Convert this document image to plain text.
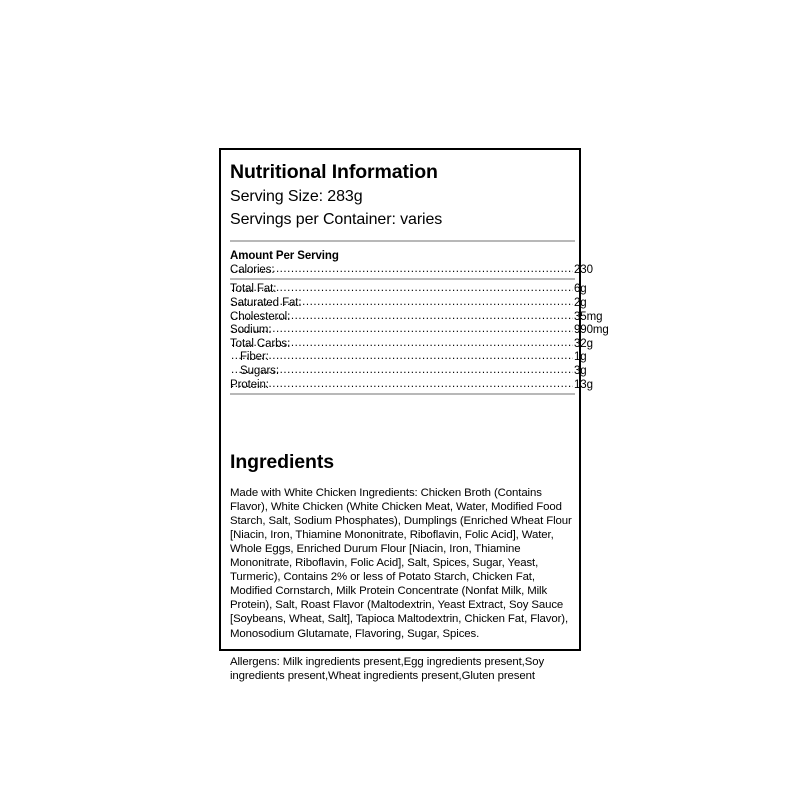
Nutritional Information
Serving Size: 283g
Servings per Container: varies
Amount Per Serving
Calories:	.....	230
Total Fat:	.....	6g
Saturated Fat:	.....	2g
Cholesterol:	.....	35mg
Sodium:	.....	990mg
Total Carbs:	.....	32g
Fiber:	.....	1g
Sugars:	.....	3g
Protein:	.....	13g
Ingredients

Made with White Chicken Ingredients: Chicken Broth (Contains Flavor), White Chicken (White Chicken Meat, Water, Modified Food Starch, Salt, Sodium Phosphates), Dumplings (Enriched Wheat Flour [Niacin, Iron, Thiamine Mononitrate, Riboflavin, Folic Acid], Water, Whole Eggs, Enriched Durum Flour [Niacin, Iron, Thiamine Mononitrate, Riboflavin, Folic Acid], Salt, Spices, Sugar, Yeast, Turmeric), Contains 2% or less of Potato Starch, Chicken Fat, Modified Cornstarch, Milk Protein Concentrate (Nonfat Milk, Milk Protein), Salt, Roast Flavor (Maltodextrin, Yeast Extract, Soy Sauce [Soybeans, Wheat, Salt], Tapioca Maltodextrin, Chicken Fat, Flavor), Monosodium Glutamate, Flavoring, Sugar, Spices.

Allergens: Milk ingredients present,Egg ingredients present,Soy ingredients present,Wheat ingredients present,Gluten present
